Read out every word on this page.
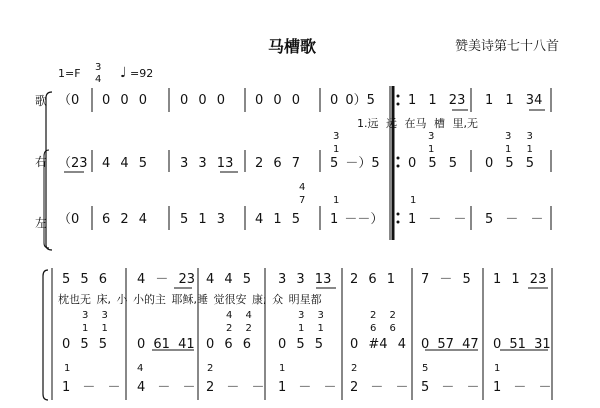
马槽歌	赞美诗第七十八首
1=F 3
4 ♩ =92
歌
右
左
（0 0 0 0	0 0 0 0 0 0 0 0）5	1 1 23 1 1 34
1.远 远 在马 槽 里,无
3
1
3
1
3 3
1 1
（23 4 4 5	3 3 13 2 6 7 5 －）5 0 5 5 0 5 5
4
7	1	1
（0 6 2 4	5 1 3 4 1 5 1 －－） 1 － － 5 － －
5 5 6 4 － 23 4 4 5 3 3 13 2 6 1 7 － 5 1 1 23
枕也无 床, 小 小的主 耶稣,睡 觉很安 康; 众 明星都
3 3
1 1
4 4
2 2
3 3
1 1
2 2
6 6
0 5 5 0 61 41 0 6 6 0 5 5 0 #4 4 0 57 47 0 51 31
1	4	2	1	2	5	1
1 － － 4 － － 2 － － 1 － － 2 － － 5 － － 1 － －
